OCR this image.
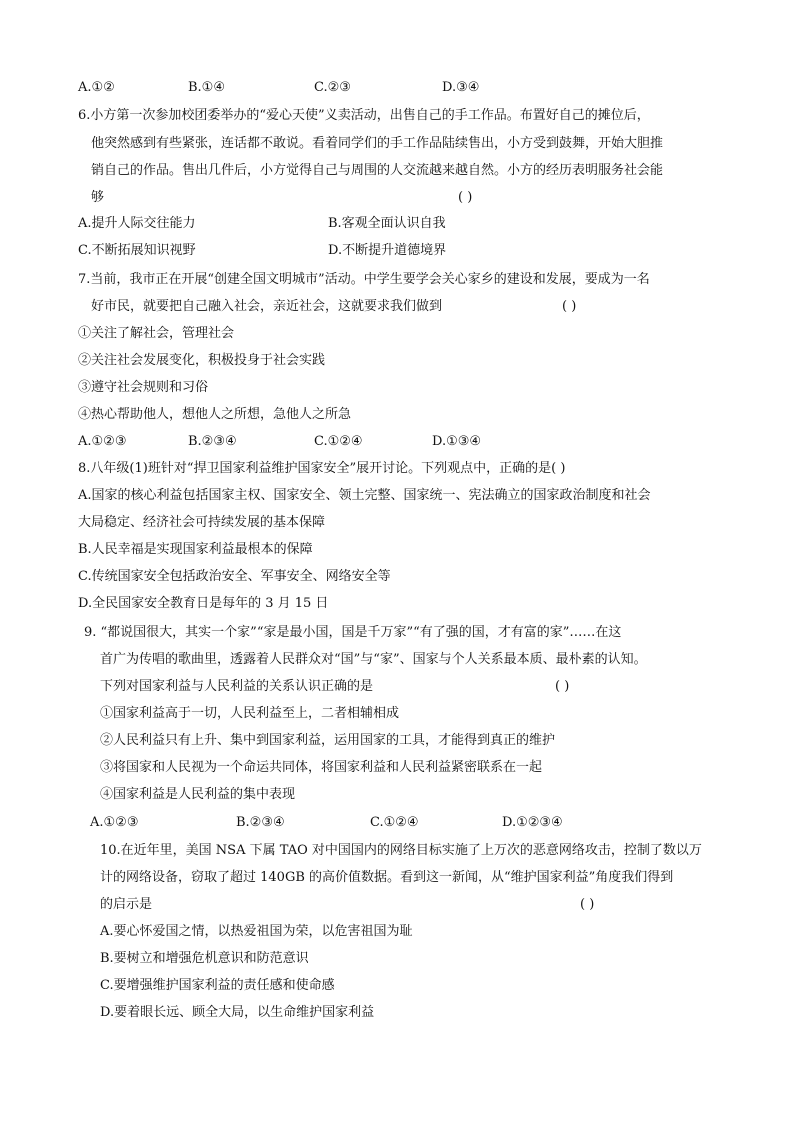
A.①②	B.①④	C.②③	D.③④
6.小方第一次参加校团委举办的“爱心天使”义卖活动，出售自己的手工作品。布置好自己的摊位后，
他突然感到有些紧张，连话都不敢说。看着同学们的手工作品陆续售出，小方受到鼓舞，开始大胆推
销自己的作品。售出几件后，小方觉得自己与周围的人交流越来越自然。小方的经历表明服务社会能
够	( )
A.提升人际交往能力	B.客观全面认识自我
C.不断拓展知识视野	D.不断提升道德境界
7.当前，我市正在开展“创建全国文明城市”活动。中学生要学会关心家乡的建设和发展，要成为一名
好市民，就要把自己融入社会，亲近社会，这就要求我们做到	( )
①关注了解社会，管理社会
②关注社会发展变化，积极投身于社会实践
③遵守社会规则和习俗
④热心帮助他人，想他人之所想，急他人之所急
A.①②③	B.②③④	C.①②④	D.①③④
8.八年级(1)班针对“捍卫国家利益维护国家安全”展开讨论。下列观点中，正确的是( )
A.国家的核心利益包括国家主权、国家安全、领土完整、国家统一、宪法确立的国家政治制度和社会
大局稳定、经济社会可持续发展的基本保障
B.人民幸福是实现国家利益最根本的保障
C.传统国家安全包括政治安全、军事安全、网络安全等
D.全民国家安全教育日是每年的 3 月 15 日
9. “都说国很大，其实一个家”“家是最小国，国是千万家”“有了强的国，才有富的家”……在这
首广为传唱的歌曲里，透露着人民群众对“国”与“家”、国家与个人关系最本质、最朴素的认知。
下列对国家利益与人民利益的关系认识正确的是	( )
①国家利益高于一切，人民利益至上，二者相辅相成
②人民利益只有上升、集中到国家利益，运用国家的工具，才能得到真正的维护
③将国家和人民视为一个命运共同体，将国家利益和人民利益紧密联系在一起
④国家利益是人民利益的集中表现
A.①②③	B.②③④	C.①②④	D.①②③④
10.在近年里，美国 NSA 下属 TAO 对中国国内的网络目标实施了上万次的恶意网络攻击，控制了数以万
计的网络设备，窃取了超过 140GB 的高价值数据。看到这一新闻，从“维护国家利益”角度我们得到
的启示是	( )
A.要心怀爱国之情，以热爱祖国为荣，以危害祖国为耻
B.要树立和增强危机意识和防范意识
C.要增强维护国家利益的责任感和使命感
D.要着眼长远、顾全大局，以生命维护国家利益
